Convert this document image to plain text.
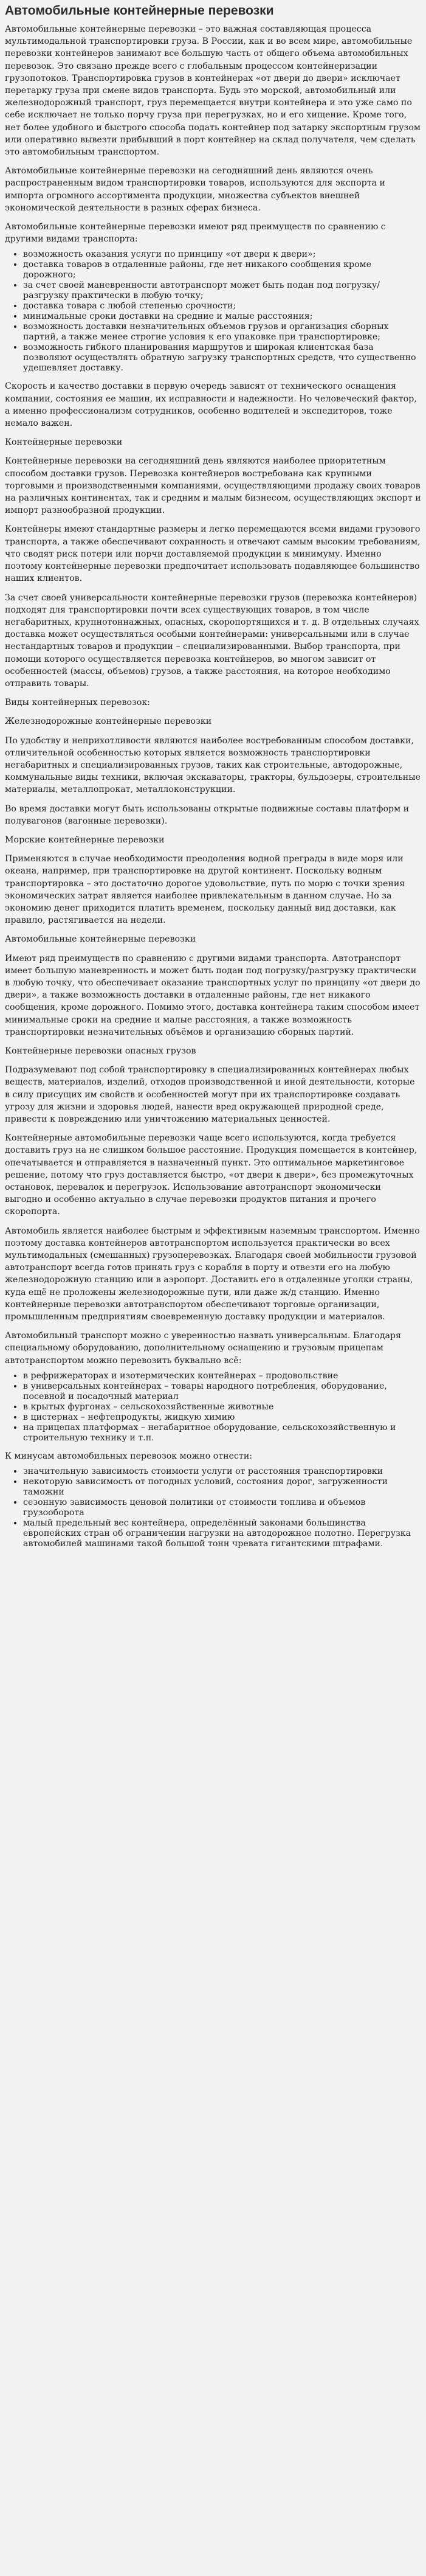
Автомобильные контейнерные перевозки

Автомобильные контейнерные перевозки – это важная составляющая процесса мультимодальной транспортировки груза. В России, как и во всем мире, автомобильные перевозки контейнеров занимают все большую часть от общего объема автомобильных перевозок. Это связано прежде всего с глобальным процессом контейнеризации грузопотоков. Транспортировка грузов в контейнерах «от двери до двери» исключает перетарку груза при смене видов транспорта. Будь это морской, автомобильный или железнодорожный транспорт, груз перемещается внутри контейнера и это уже само по себе исключает не только порчу груза при перегрузках, но и его хищение. Кроме того, нет более удобного и быстрого способа подать контейнер под затарку экспортным грузом или оперативно вывезти прибывший в порт контейнер на склад получателя, чем сделать это автомобильным транспортом.

Автомобильные контейнерные перевозки на сегодняшний день являются очень распространенным видом транспортировки товаров, используются для экспорта и импорта огромного ассортимента продукции, множества субъектов внешней экономической деятельности в разных сферах бизнеса.

Автомобильные контейнерные перевозки имеют ряд преимуществ по сравнению с другими видами транспорта:

• возможность оказания услуги по принципу «от двери к двери»;
• доставка товаров в отдаленные районы, где нет никакого сообщения кроме дорожного;
• за счет своей маневренности автотранспорт может быть подан под погрузку/разгрузку практически в любую точку;
• доставка товара с любой степенью срочности;
• минимальные сроки доставки на средние и малые расстояния;
• возможность доставки незначительных объемов грузов и организация сборных партий, а также менее строгие условия к его упаковке при транспортировке;
• возможность гибкого планирования маршрутов и широкая клиентская база позволяют осуществлять обратную загрузку транспортных средств, что существенно удешевляет доставку.

Скорость и качество доставки в первую очередь зависят от технического оснащения компании, состояния ее машин, их исправности и надежности. Но человеческий фактор, а именно профессионализм сотрудников, особенно водителей и экспедиторов, тоже немало важен.

Контейнерные перевозки

Контейнерные перевозки на сегодняшний день являются наиболее приоритетным способом доставки грузов. Перевозка контейнеров востребована как крупными торговыми и производственными компаниями, осуществляющими продажу своих товаров на различных континентах, так и средним и малым бизнесом, осуществляющих экспорт и импорт разнообразной продукции.

Контейнеры имеют стандартные размеры и легко перемещаются всеми видами грузового транспорта, а также обеспечивают сохранность и отвечают самым высоким требованиям, что сводят риск потери или порчи доставляемой продукции к минимуму. Именно поэтому контейнерные перевозки предпочитает использовать подавляющее большинство наших клиентов.

За счет своей универсальности контейнерные перевозки грузов (перевозка контейнеров) подходят для транспортировки почти всех существующих товаров, в том числе негабаритных, крупнотоннажных, опасных, скоропортящихся и т. д. В отдельных случаях доставка может осуществляться особыми контейнерами: универсальными или в случае нестандартных товаров и продукции – специализированными. Выбор транспорта, при помощи которого осуществляется перевозка контейнеров, во многом зависит от особенностей (массы, объемов) грузов, а также расстояния, на которое необходимо отправить товары.

Виды контейнерных перевозок:

Железнодорожные контейнерные перевозки

По удобству и неприхотливости являются наиболее востребованным способом доставки, отличительной особенностью которых является возможность транспортировки негабаритных и специализированных грузов, таких как строительные, автодорожные, коммунальные виды техники, включая экскаваторы, тракторы, бульдозеры, строительные материалы, металлопрокат, металлоконструкции.

Во время доставки могут быть использованы открытые подвижные составы платформ и полувагонов (вагонные перевозки).

Морские контейнерные перевозки

Применяются в случае необходимости преодоления водной преграды в виде моря или океана, например, при транспортировке на другой континент. Поскольку водным транспортировка – это достаточно дорогое удовольствие, путь по морю с точки зрения экономических затрат является наиболее привлекательным в данном случае. Но за экономию денег приходится платить временем, поскольку данный вид доставки, как правило, растягивается на недели.

Автомобильные контейнерные перевозки

Имеют ряд преимуществ по сравнению с другими видами транспорта. Автотранспорт имеет большую маневренность и может быть подан под погрузку/разгрузку практически в любую точку, что обеспечивает оказание транспортных услуг по принципу «от двери до двери», а также возможность доставки в отдаленные районы, где нет никакого сообщения, кроме дорожного. Помимо этого, доставка контейнера таким способом имеет минимальные сроки на средние и малые расстояния, а также возможность транспортировки незначительных объёмов и организацию сборных партий.

Контейнерные перевозки опасных грузов

Подразумевают под собой транспортировку в специализированных контейнерах любых веществ, материалов, изделий, отходов производственной и иной деятельности, которые в силу присущих им свойств и особенностей могут при их транспортировке создавать угрозу для жизни и здоровья людей, нанести вред окружающей природной среде, привести к повреждению или уничтожению материальных ценностей.

Контейнерные автомобильные перевозки чаще всего используются, когда требуется доставить груз на не слишком большое расстояние. Продукция помещается в контейнер, опечатывается и отправляется в назначенный пункт. Это оптимальное маркетинговое решение, потому что груз доставляется быстро, «от двери к двери», без промежуточных остановок, перевалок и перегрузок. Использование автотранспорт экономически выгодно и особенно актуально в случае перевозки продуктов питания и прочего скоропорта.

Автомобиль является наиболее быстрым и эффективным наземным транспортом. Именно поэтому доставка контейнеров автотранспортом используется практически во всех мультимодальных (смешанных) грузоперевозках. Благодаря своей мобильности грузовой автотранспорт всегда готов принять груз с корабля в порту и отвезти его на любую железнодорожную станцию или в аэропорт. Доставить его в отдаленные уголки страны, куда ещё не проложены железнодорожные пути, или даже ж/д станцию. Именно контейнерные перевозки автотранспортом обеспечивают торговые организации, промышленным предприятиям своевременную доставку продукции и материалов.

Автомобильный транспорт можно с уверенностью назвать универсальным. Благодаря специальному оборудованию, дополнительному оснащению и грузовым прицепам автотранспортом можно перевозить буквально всё:

• в рефрижераторах и изотермических контейнерах – продовольствие
• в универсальных контейнерах – товары народного потребления, оборудование, посевной и посадочный материал
• в крытых фургонах – сельскохозяйственные животные
• в цистернах – нефтепродукты, жидкую химию
• на прицепах платформах – негабаритное оборудование, сельскохозяйственную и строительную технику и т.п.

К минусам автомобильных перевозок можно отнести:

• значительную зависимость стоимости услуги от расстояния транспортировки
• некоторую зависимость от погодных условий, состояния дорог, загруженности таможни
• сезонную зависимость ценовой политики от стоимости топлива и объемов грузооборота
• малый предельный вес контейнера, определённый законами большинства европейских стран об ограничении нагрузки на автодорожное полотно. Перегрузка автомобилей машинами такой большой тонн чревата гигантскими штрафами.
